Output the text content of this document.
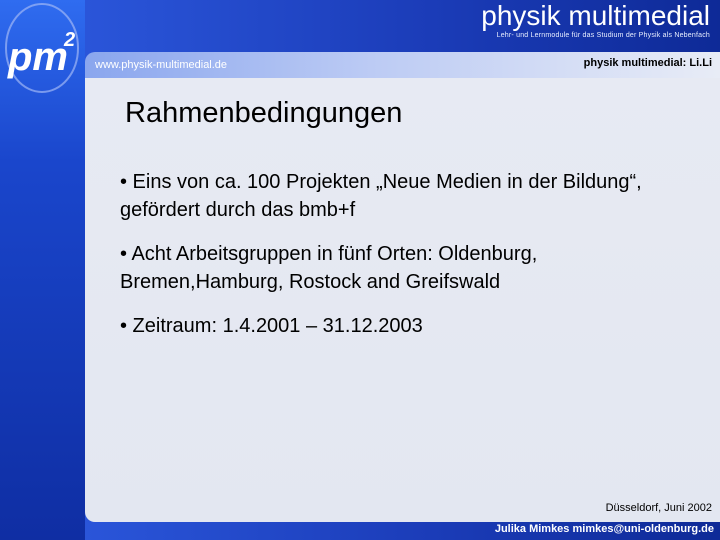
pm
2
physik multimedial
Lehr- und Lernmodule für das Studium der Physik als Nebenfach
www.physik-multimedial.de	physik multimedial: Li.Li
Rahmenbedingungen
• Eins von ca. 100 Projekten „Neue Medien in der Bildung“, gefördert durch das bmb+f
• Acht Arbeitsgruppen in fünf Orten: Oldenburg, Bremen,Hamburg, Rostock and Greifswald
• Zeitraum: 1.4.2001 – 31.12.2003
Düsseldorf, Juni 2002
Julika Mimkes mimkes@uni-oldenburg.de
